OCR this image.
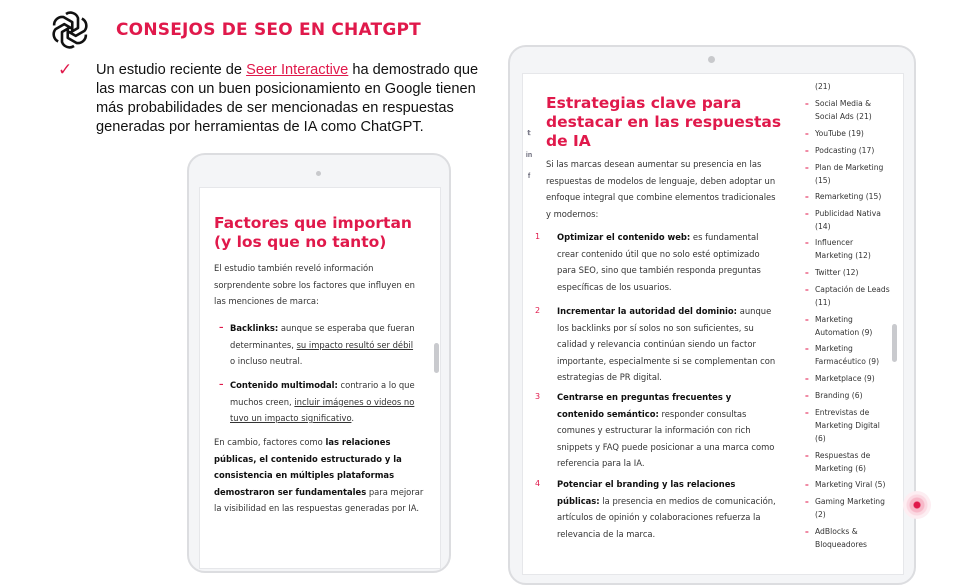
CONSEJOS DE SEO EN CHATGPT
✓ Un estudio reciente de Seer Interactive ha demostrado que las marcas con un buen posicionamiento en Google tienen más probabilidades de ser mencionadas en respuestas generadas por herramientas de IA como ChatGPT.
Factores que importan (y los que no tanto)

El estudio también reveló información sorprendente sobre los factores que influyen en las menciones de marca:

– Backlinks: aunque se esperaba que fueran determinantes, su impacto resultó ser débil o incluso neutral.
– Contenido multimodal: contrario a lo que muchos creen, incluir imágenes o videos no tuvo un impacto significativo.

En cambio, factores como las relaciones públicas, el contenido estructurado y la consistencia en múltiples plataformas demostraron ser fundamentales para mejorar la visibilidad en las respuestas generadas por IA.

𝕥
in
f
Estrategias clave para destacar en las respuestas de IA

Si las marcas desean aumentar su presencia en las respuestas de modelos de lenguaje, deben adoptar un enfoque integral que combine elementos tradicionales y modernos:

1 Optimizar el contenido web: es fundamental crear contenido útil que no solo esté optimizado para SEO, sino que también responda preguntas específicas de los usuarios.
2 Incrementar la autoridad del dominio: aunque los backlinks por sí solos no son suficientes, su calidad y relevancia continúan siendo un factor importante, especialmente si se complementan con estrategias de PR digital.
3 Centrarse en preguntas frecuentes y contenido semántico: responder consultas comunes y estructurar la información con rich snippets y FAQ puede posicionar a una marca como referencia para la IA.
4 Potenciar el branding y las relaciones públicas: la presencia en medios de comunicación, artículos de opinión y colaboraciones refuerza la relevancia de la marca.
(21)
– Social Media & Social Ads (21)
– YouTube (19)
– Podcasting (17)
– Plan de Marketing (15)
– Remarketing (15)
– Publicidad Nativa (14)
– Influencer Marketing (12)
– Twitter (12)
– Captación de Leads (11)
– Marketing Automation (9)
– Marketing Farmacéutico (9)
– Marketplace (9)
– Branding (6)
– Entrevistas de Marketing Digital (6)
– Respuestas de Marketing (6)
– Marketing Viral (5)
– Gaming Marketing (2)
– AdBlocks & Bloqueadores
